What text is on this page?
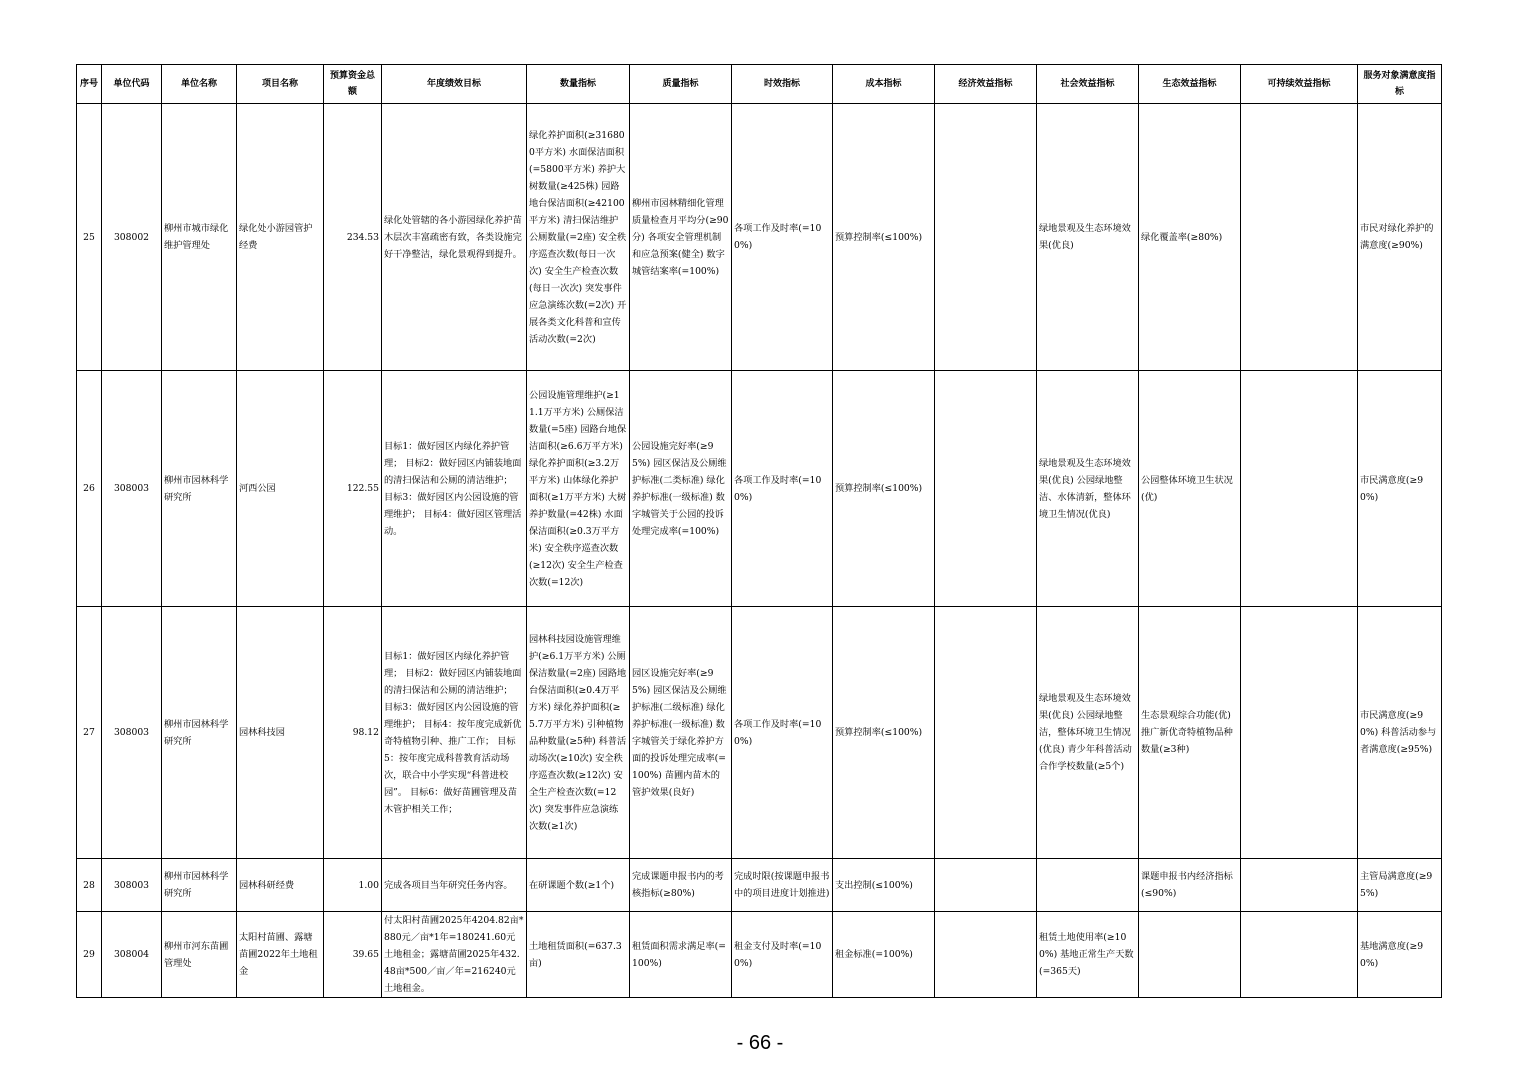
序号	单位代码	单位名称	项目名称	预算资金总额	年度绩效目标	数量指标	质量指标	时效指标	成本指标	经济效益指标	社会效益指标	生态效益指标	可持续效益指标	服务对象满意度指标
25	308002	柳州市城市绿化维护管理处	绿化处小游园管护经费	234.53	绿化处管辖的各小游园绿化养护苗木层次丰富疏密有致，各类设施完好干净整洁，绿化景观得到提升。	绿化养护面积(≥316800平方米) 水面保洁面积(=5800平方米) 养护大树数量(≥425株) 园路地台保洁面积(≥42100平方米) 清扫保洁维护公厕数量(=2座) 安全秩序巡查次数(每日一次次) 安全生产检查次数(每日一次次) 突发事件应急演练次数(=2次) 开展各类文化科普和宣传活动次数(=2次)	柳州市园林精细化管理质量检查月平均分(≥90分) 各项安全管理机制和应急预案(健全) 数字城管结案率(=100%)	各项工作及时率(=100%)	预算控制率(≤100%)		绿地景观及生态环境效果(优良)	绿化覆盖率(≥80%)		市民对绿化养护的满意度(≥90%)
26	308003	柳州市园林科学研究所	河西公园	122.55	目标1：做好园区内绿化养护管理； 目标2：做好园区内铺装地面的清扫保洁和公厕的清洁维护； 目标3：做好园区内公园设施的管理维护； 目标4：做好园区管理活动。	公园设施管理维护(≥11.1万平方米) 公厕保洁数量(=5座) 园路台地保洁面积(≥6.6万平方米) 绿化养护面积(≥3.2万平方米) 山体绿化养护面积(≥1万平方米) 大树养护数量(=42株) 水面保洁面积(≥0.3万平方米) 安全秩序巡查次数(≥12次) 安全生产检查次数(=12次)	公园设施完好率(≥95%) 园区保洁及公厕维护标准(二类标准) 绿化养护标准(一级标准) 数字城管关于公园的投诉处理完成率(=100%)	各项工作及时率(=100%)	预算控制率(≤100%)		绿地景观及生态环境效果(优良) 公园绿地整洁、水体清新，整体环境卫生情况(优良)	公园整体环境卫生状况(优)		市民满意度(≥90%)
27	308003	柳州市园林科学研究所	园林科技园	98.12	目标1：做好园区内绿化养护管理； 目标2：做好园区内铺装地面的清扫保洁和公厕的清洁维护； 目标3：做好园区内公园设施的管理维护； 目标4：按年度完成新优奇特植物引种、推广工作； 目标5：按年度完成科普教育活动场次，联合中小学实现“科普进校园”。 目标6：做好苗圃管理及苗木管护相关工作；	园林科技园设施管理维护(≥6.1万平方米) 公厕保洁数量(=2座) 园路地台保洁面积(≥0.4万平方米) 绿化养护面积(≥5.7万平方米) 引种植物品种数量(≥5种) 科普活动场次(≥10次) 安全秩序巡查次数(≥12次) 安全生产检查次数(=12次) 突发事件应急演练次数(≥1次)	园区设施完好率(≥95%) 园区保洁及公厕维护标准(二级标准) 绿化养护标准(一级标准) 数字城管关于绿化养护方面的投诉处理完成率(=100%) 苗圃内苗木的管护效果(良好)	各项工作及时率(=100%)	预算控制率(≤100%)		绿地景观及生态环境效果(优良) 公园绿地整洁，整体环境卫生情况(优良) 青少年科普活动合作学校数量(≥5个)	生态景观综合功能(优) 推广新优奇特植物品种数量(≥3种)		市民满意度(≥90%) 科普活动参与者满意度(≥95%)
28	308003	柳州市园林科学研究所	园林科研经费	1.00	完成各项目当年研究任务内容。	在研课题个数(≥1个)	完成课题申报书内的考核指标(≥80%)	完成时限(按课题申报书中的项目进度计划推进)	支出控制(≤100%)			课题申报书内经济指标(≤90%)		主管局满意度(≥95%)
29	308004	柳州市河东苗圃管理处	太阳村苗圃、露塘苗圃2022年土地租金	39.65	付太阳村苗圃2025年4204.82亩*880元／亩*1年=180241.60元土地租金；露塘苗圃2025年432.48亩*500／亩／年=216240元土地租金。	土地租赁面积(=637.3亩)	租赁面积需求满足率(=100%)	租金支付及时率(=100%)	租金标准(=100%)		租赁土地使用率(≥100%) 基地正常生产天数(=365天)			基地满意度(≥90%)
- 66 -
